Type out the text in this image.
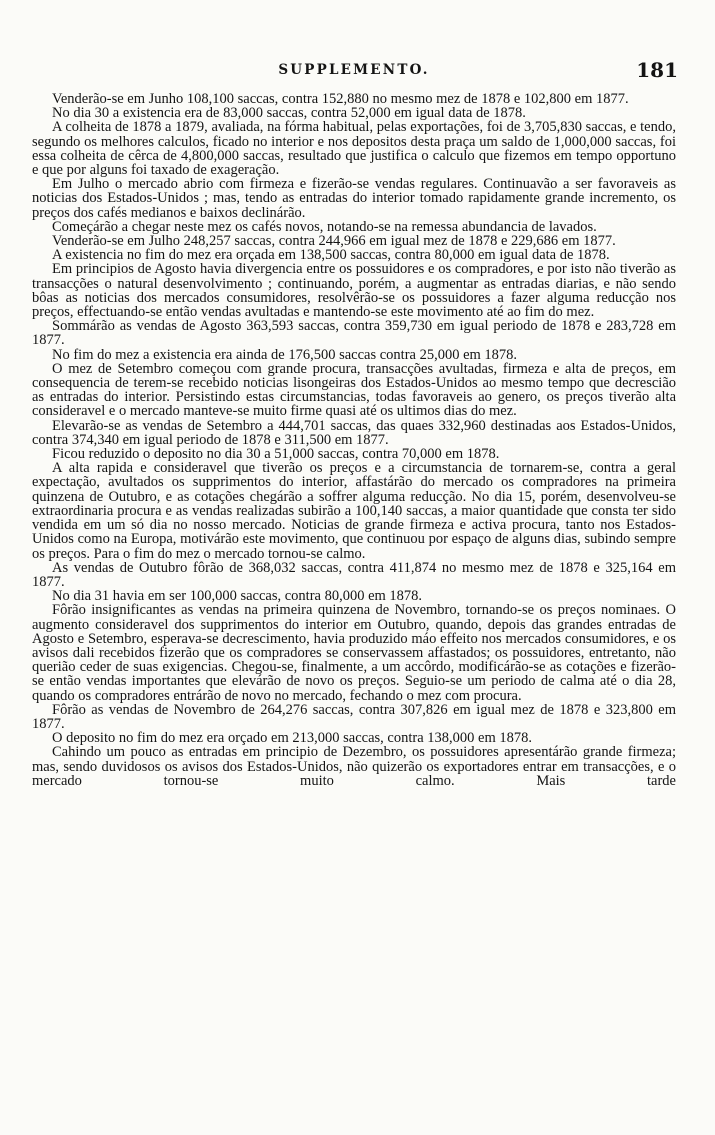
SUPPLEMENTO.	181

Venderão-se em Junho 108,100 saccas, contra 152,880 no mesmo mez de 1878 e 102,800 em 1877.

No dia 30 a existencia era de 83,000 saccas, contra 52,000 em igual data de 1878.

A colheita de 1878 a 1879, avaliada, na fórma habitual, pelas exportações, foi de 3,705,830 saccas, e tendo, segundo os melhores calculos, ficado no interior e nos depositos desta praça um saldo de 1,000,000 saccas, foi essa colheita de cêrca de 4,800,000 saccas, resultado que justifica o calculo que fizemos em tempo opportuno e que por alguns foi taxado de exageração.

Em Julho o mercado abrio com firmeza e fizerão-se vendas regulares. Continuavão a ser favoraveis as noticias dos Estados-Unidos ; mas, tendo as entradas do interior tomado rapidamente grande incremento, os preços dos cafés medianos e baixos declinárão.

Começárão a chegar neste mez os cafés novos, notando-se na remessa abundancia de lavados.

Venderão-se em Julho 248,257 saccas, contra 244,966 em igual mez de 1878 e 229,686 em 1877.

A existencia no fim do mez era orçada em 138,500 saccas, contra 80,000 em igual data de 1878.

Em principios de Agosto havia divergencia entre os possuidores e os compradores, e por isto não tiverão as transacções o natural desenvolvimento ; continuando, porém, a augmentar as entradas diarias, e não sendo bôas as noticias dos mercados consumidores, resolvêrão-se os possuidores a fazer alguma reducção nos preços, effectuando-se então vendas avultadas e mantendo-se este movimento até ao fim do mez.

Sommárão as vendas de Agosto 363,593 saccas, contra 359,730 em igual periodo de 1878 e 283,728 em 1877.

No fim do mez a existencia era ainda de 176,500 saccas contra 25,000 em 1878.

O mez de Setembro começou com grande procura, transacções avultadas, firmeza e alta de preços, em consequencia de terem-se recebido noticias lisongeiras dos Estados-Unidos ao mesmo tempo que decrescião as entradas do interior. Persistindo estas circumstancias, todas favoraveis ao genero, os preços tiverão alta consideravel e o mercado manteve-se muito firme quasi até os ultimos dias do mez.

Elevarão-se as vendas de Setembro a 444,701 saccas, das quaes 332,960 destinadas aos Estados-Unidos, contra 374,340 em igual periodo de 1878 e 311,500 em 1877.

Ficou reduzido o deposito no dia 30 a 51,000 saccas, contra 70,000 em 1878.

A alta rapida e consideravel que tiverão os preços e a circumstancia de tornarem-se, contra a geral expectação, avultados os supprimentos do interior, affastárão do mercado os compradores na primeira quinzena de Outubro, e as cotações chegárão a soffrer alguma reducção. No dia 15, porém, desenvolveu-se extraordinaria procura e as vendas realizadas subirão a 100,140 saccas, a maior quantidade que consta ter sido vendida em um só dia no nosso mercado. Noticias de grande firmeza e activa procura, tanto nos Estados-Unidos como na Europa, motivárão este movimento, que continuou por espaço de alguns dias, subindo sempre os preços. Para o fim do mez o mercado tornou-se calmo.

As vendas de Outubro fôrão de 368,032 saccas, contra 411,874 no mesmo mez de 1878 e 325,164 em 1877.

No dia 31 havia em ser 100,000 saccas, contra 80,000 em 1878.

Fôrão insignificantes as vendas na primeira quinzena de Novembro, tornando-se os preços nominaes. O augmento consideravel dos supprimentos do interior em Outubro, quando, depois das grandes entradas de Agosto e Setembro, esperava-se decrescimento, havia produzido máo effeito nos mercados consumidores, e os avisos dali recebidos fizerão que os compradores se conservassem affastados; os possuidores, entretanto, não querião ceder de suas exigencias. Chegou-se, finalmente, a um accôrdo, modificárão-se as cotações e fizerão-se então vendas importantes que elevárão de novo os preços. Seguio-se um periodo de calma até o dia 28, quando os compradores entrárão de novo no mercado, fechando o mez com procura.

Fôrão as vendas de Novembro de 264,276 saccas, contra 307,826 em igual mez de 1878 e 323,800 em 1877.

O deposito no fim do mez era orçado em 213,000 saccas, contra 138,000 em 1878.

Cahindo um pouco as entradas em principio de Dezembro, os possuidores apresentárão grande firmeza; mas, sendo duvidosos os avisos dos Estados-Unidos, não quizerão os exportadores entrar em transacções, e o mercado tornou-se muito calmo. Mais tarde
